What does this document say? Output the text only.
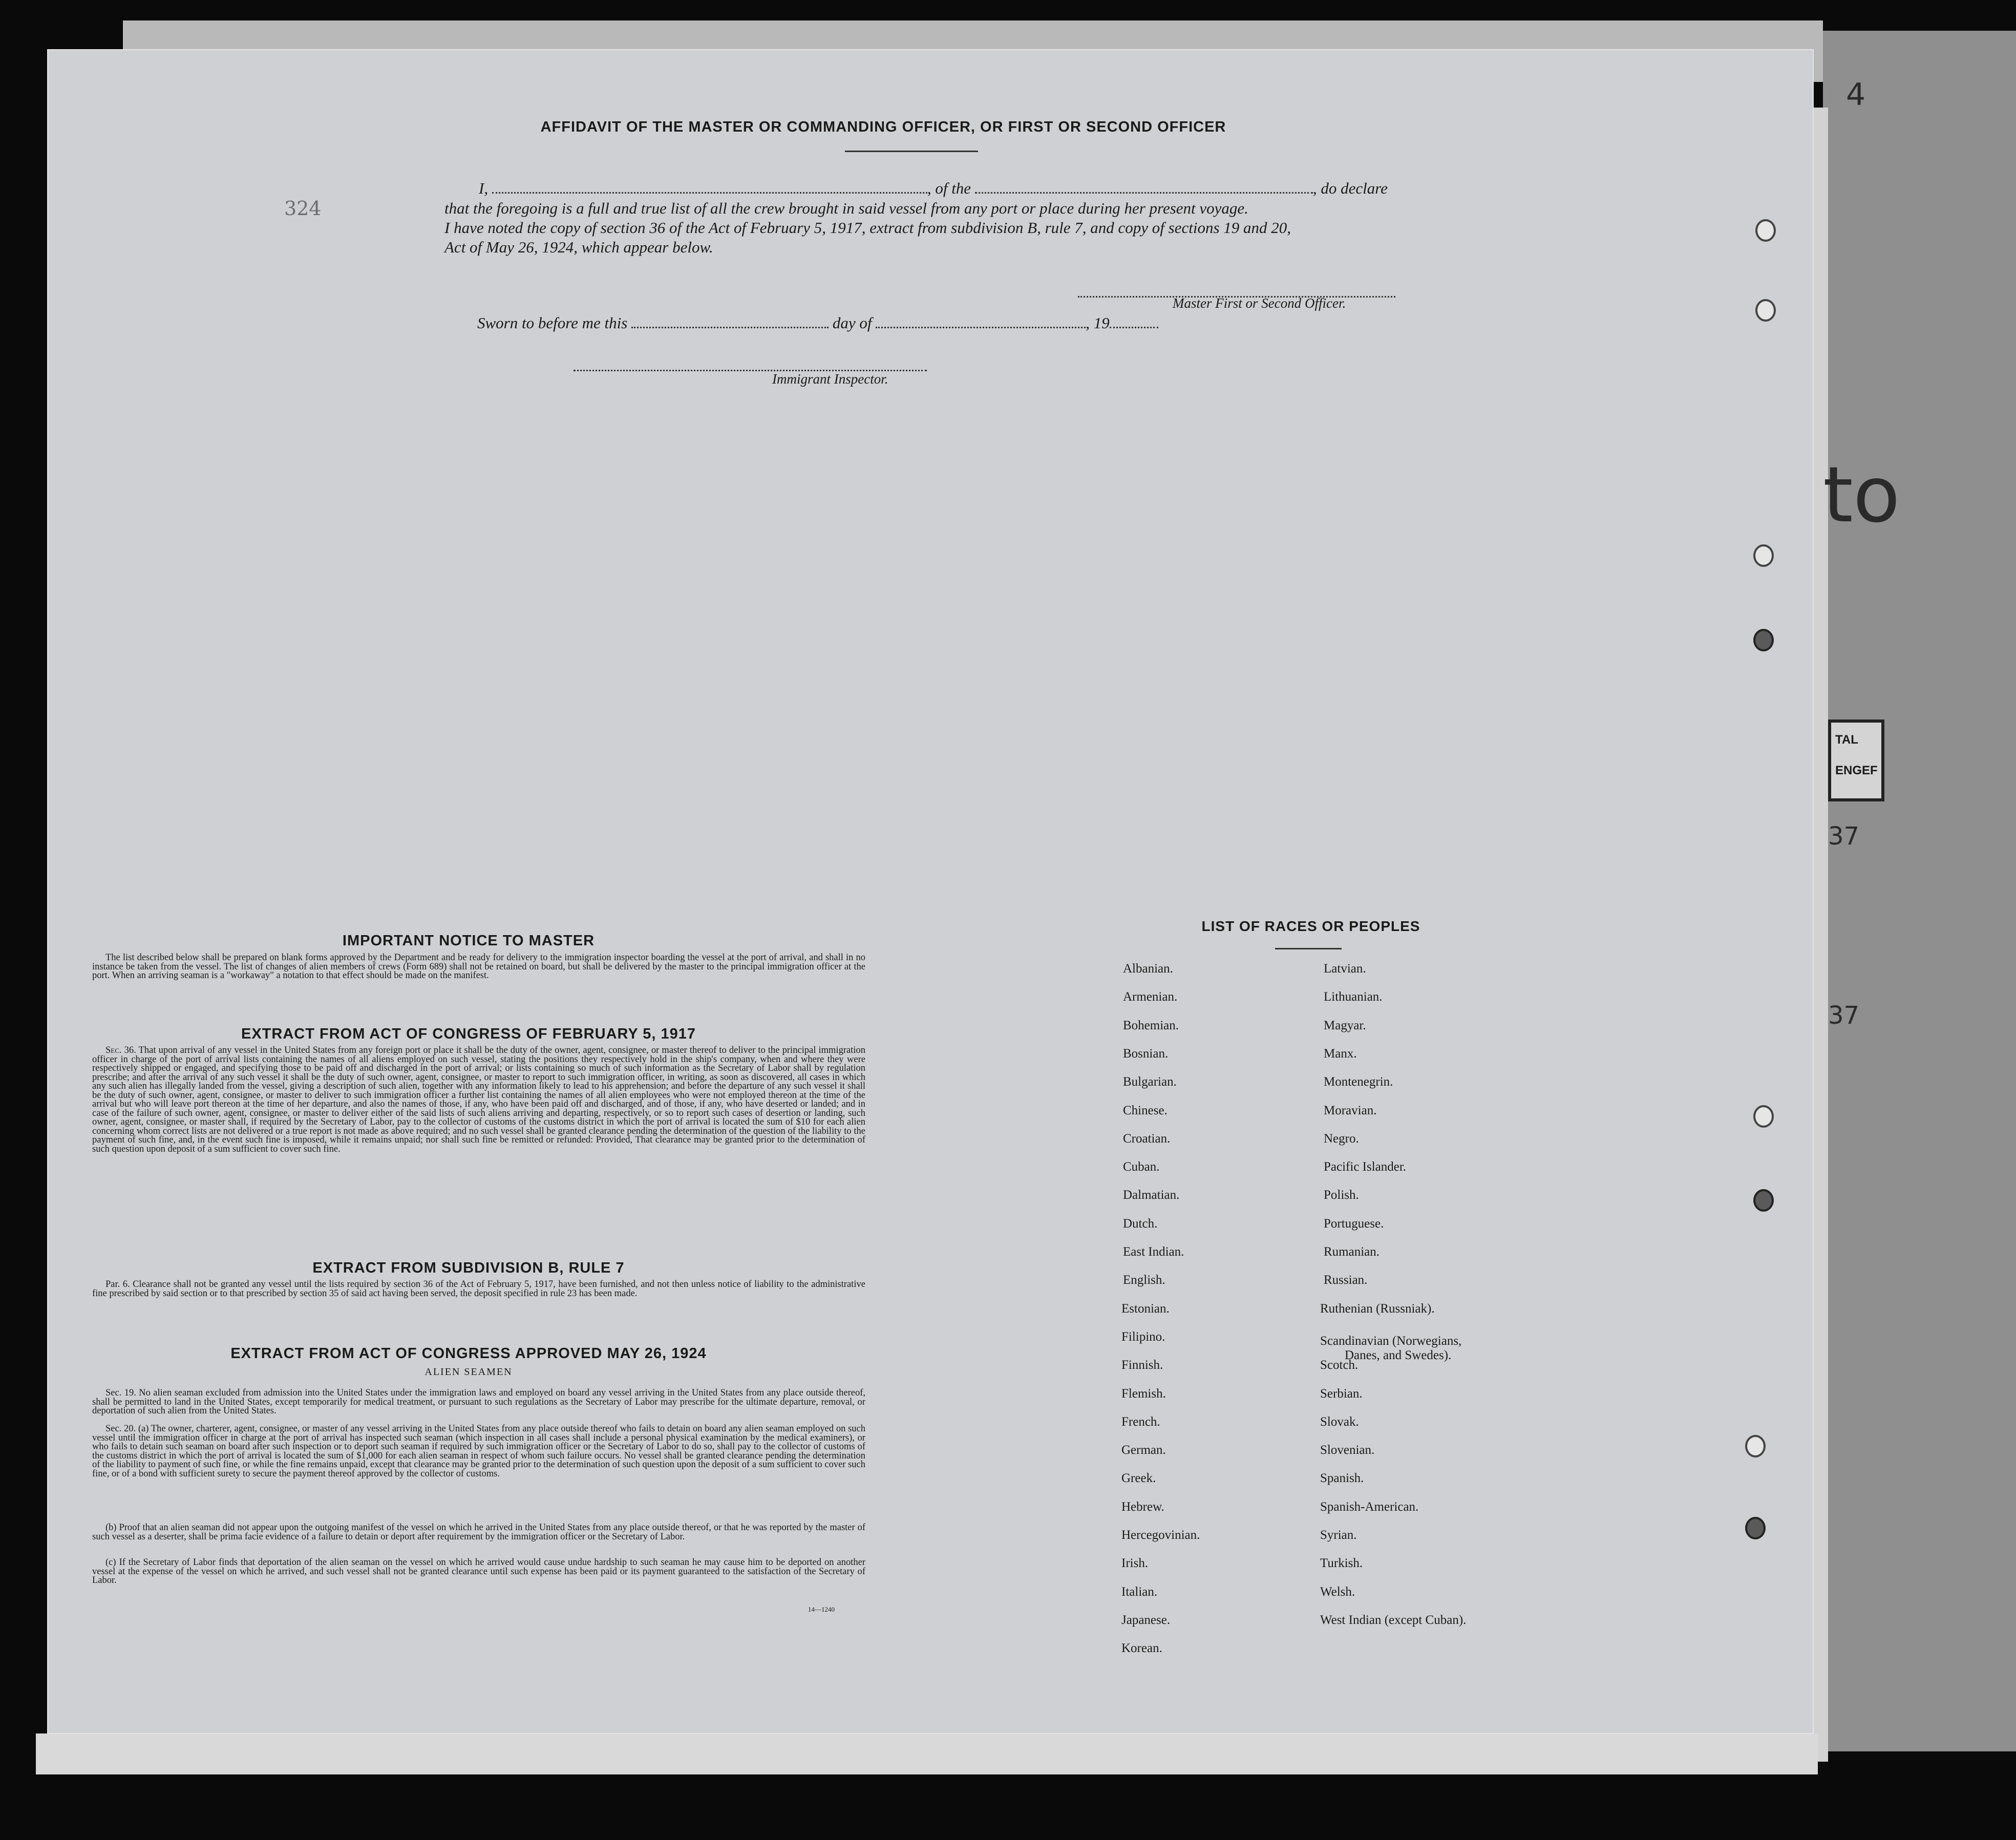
4
324
to
37
37
TAL
ENGEF
AFFIDAVIT OF THE MASTER OR COMMANDING OFFICER, OR FIRST OR SECOND OFFICER
I,	, of the	, do declare
that the foregoing is a full and true list of all the crew brought in said vessel from any port or place during her present voyage.
I have noted the copy of section 36 of the Act of February 5, 1917, extract from subdivision B, rule 7, and copy of sections 19 and 20,
Act of May 26, 1924, which appear below.
Master First or Second Officer.
Sworn to before me this	day of	, 19
Immigrant Inspector.
IMPORTANT NOTICE TO MASTER
The list described below shall be prepared on blank forms approved by the Department and be ready for delivery to the immigration inspector boarding the vessel at the port of arrival, and shall in no instance be taken from the vessel. The list of changes of alien members of crews (Form 689) shall not be retained on board, but shall be delivered by the master to the principal immigration officer at the port. When an arriving seaman is a "workaway" a notation to that effect should be made on the manifest.
EXTRACT FROM ACT OF CONGRESS OF FEBRUARY 5, 1917
Sec. 36. That upon arrival of any vessel in the United States from any foreign port or place it shall be the duty of the owner, agent, consignee, or master thereof to deliver to the principal immigration officer in charge of the port of arrival lists containing the names of all aliens employed on such vessel, stating the positions they respectively hold in the ship's company, when and where they were respectively shipped or engaged, and specifying those to be paid off and discharged in the port of arrival; or lists containing so much of such information as the Secretary of Labor shall by regulation prescribe; and after the arrival of any such vessel it shall be the duty of such owner, agent, consignee, or master to report to such immigration officer, in writing, as soon as discovered, all cases in which any such alien has illegally landed from the vessel, giving a description of such alien, together with any information likely to lead to his apprehension; and before the departure of any such vessel it shall be the duty of such owner, agent, consignee, or master to deliver to such immigration officer a further list containing the names of all alien employees who were not employed thereon at the time of the arrival but who will leave port thereon at the time of her departure, and also the names of those, if any, who have been paid off and discharged, and of those, if any, who have deserted or landed; and in case of the failure of such owner, agent, consignee, or master to deliver either of the said lists of such aliens arriving and departing, respectively, or so to report such cases of desertion or landing, such owner, agent, consignee, or master shall, if required by the Secretary of Labor, pay to the collector of customs of the customs district in which the port of arrival is located the sum of $10 for each alien concerning whom correct lists are not delivered or a true report is not made as above required; and no such vessel shall be granted clearance pending the determination of the question of the liability to the payment of such fine, and, in the event such fine is imposed, while it remains unpaid; nor shall such fine be remitted or refunded: Provided, That clearance may be granted prior to the determination of such question upon deposit of a sum sufficient to cover such fine.
EXTRACT FROM SUBDIVISION B, RULE 7
Par. 6. Clearance shall not be granted any vessel until the lists required by section 36 of the Act of February 5, 1917, have been furnished, and not then unless notice of liability to the administrative fine prescribed by said section or to that prescribed by section 35 of said act having been served, the deposit specified in rule 23 has been made.
EXTRACT FROM ACT OF CONGRESS APPROVED MAY 26, 1924
ALIEN SEAMEN
Sec. 19. No alien seaman excluded from admission into the United States under the immigration laws and employed on board any vessel arriving in the United States from any place outside thereof, shall be permitted to land in the United States, except temporarily for medical treatment, or pursuant to such regulations as the Secretary of Labor may prescribe for the ultimate departure, removal, or deportation of such alien from the United States.
Sec. 20. (a) The owner, charterer, agent, consignee, or master of any vessel arriving in the United States from any place outside thereof who fails to detain on board any alien seaman employed on such vessel until the immigration officer in charge at the port of arrival has inspected such seaman (which inspection in all cases shall include a personal physical examination by the medical examiners), or who fails to detain such seaman on board after such inspection or to deport such seaman if required by such immigration officer or the Secretary of Labor to do so, shall pay to the collector of customs of the customs district in which the port of arrival is located the sum of $1,000 for each alien seaman in respect of whom such failure occurs. No vessel shall be granted clearance pending the determination of the liability to payment of such fine, or while the fine remains unpaid, except that clearance may be granted prior to the determination of such question upon the deposit of a sum sufficient to cover such fine, or of a bond with sufficient surety to secure the payment thereof approved by the collector of customs.
(b) Proof that an alien seaman did not appear upon the outgoing manifest of the vessel on which he arrived in the United States from any place outside thereof, or that he was reported by the master of such vessel as a deserter, shall be prima facie evidence of a failure to detain or deport after requirement by the immigration officer or the Secretary of Labor.
(c) If the Secretary of Labor finds that deportation of the alien seaman on the vessel on which he arrived would cause undue hardship to such seaman he may cause him to be deported on another vessel at the expense of the vessel on which he arrived, and such vessel shall not be granted clearance until such expense has been paid or its payment guaranteed to the satisfaction of the Secretary of Labor.
14—1240
LIST OF RACES OR PEOPLES
Albanian.
Armenian.
Bohemian.
Bosnian.
Bulgarian.
Chinese.
Croatian.
Cuban.
Dalmatian.
Dutch.
East Indian.
English.
Estonian.
Filipino.
Finnish.
Flemish.
French.
German.
Greek.
Hebrew.
Hercegovinian.
Irish.
Italian.
Japanese.
Korean.
Latvian.
Lithuanian.
Magyar.
Manx.
Montenegrin.
Moravian.
Negro.
Pacific Islander.
Polish.
Portuguese.
Rumanian.
Russian.
Ruthenian (Russniak).
Scandinavian (Norwegians,
Danes, and Swedes).
Scotch.
Serbian.
Slovak.
Slovenian.
Spanish.
Spanish-American.
Syrian.
Turkish.
Welsh.
West Indian (except Cuban).
